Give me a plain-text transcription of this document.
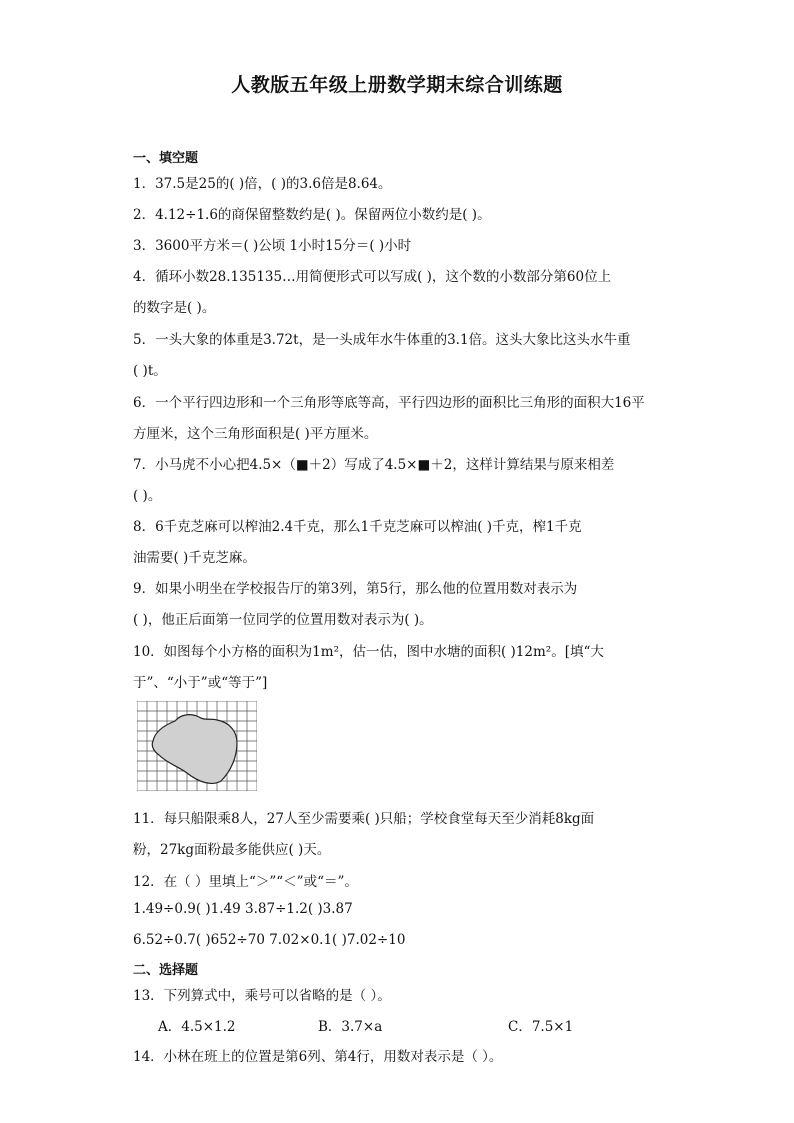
人教版五年级上册数学期末综合训练题
一、填空题
1．37.5是25的( )倍，( )的3.6倍是8.64。
2．4.12÷1.6的商保留整数约是( )。保留两位小数约是( )。
3．3600平方米＝( )公顷 1小时15分＝( )小时
4．循环小数28.135135…用简便形式可以写成( )，这个数的小数部分第60位上
的数字是( )。
5．一头大象的体重是3.72t，是一头成年水牛体重的3.1倍。这头大象比这头水牛重
( )t。
6．一个平行四边形和一个三角形等底等高，平行四边形的面积比三角形的面积大16平
方厘米，这个三角形面积是( )平方厘米。
7．小马虎不小心把4.5×（■＋2）写成了4.5×■＋2，这样计算结果与原来相差
( )。
8．6千克芝麻可以榨油2.4千克，那么1千克芝麻可以榨油( )千克，榨1千克
油需要( )千克芝麻。
9．如果小明坐在学校报告厅的第3列，第5行，那么他的位置用数对表示为
( )，他正后面第一位同学的位置用数对表示为( )。
10．如图每个小方格的面积为1m²，估一估，图中水塘的面积( )12m²。[填“大
于”、“小于”或“等于”]
11．每只船限乘8人，27人至少需要乘( )只船；学校食堂每天至少消耗8kg面
粉，27kg面粉最多能供应( )天。
12．在（ ）里填上“＞”“＜”或“＝”。
1.49÷0.9( )1.49 3.87÷1.2( )3.87
6.52÷0.7( )652÷70 7.02×0.1( )7.02÷10
二、选择题
13．下列算式中，乘号可以省略的是（ ）。
A．4.5×1.2	B．3.7×a	C．7.5×1
14．小林在班上的位置是第6列、第4行，用数对表示是（ ）。
